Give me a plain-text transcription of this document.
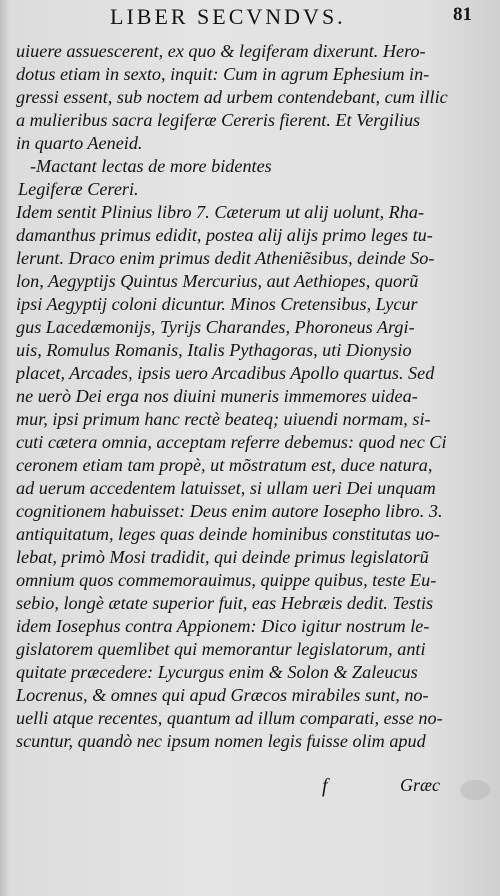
LIBER SECVNDVS.	81
uiuere assuescerent, ex quo & legiferam dixerunt. Hero-
dotus etiam in sexto, inquit: Cum in agrum Ephesium in-
gressi essent, sub noctem ad urbem contendebant, cum illic
a mulieribus sacra legiferæ Cereris fierent. Et Vergilius
in quarto Aeneid.
-Mactant lectas de more bidentes
Legiferæ Cereri.
Idem sentit Plinius libro 7. Cæterum ut alij uolunt, Rha-
damanthus primus edidit, postea alij alijs primo leges tu-
lerunt. Draco enim primus dedit Atheniẽsibus, deinde So-
lon, Aegyptijs Quintus Mercurius, aut Aethiopes, quorũ
ipsi Aegyptij coloni dicuntur. Minos Cretensibus, Lycur
gus Lacedæmonijs, Tyrijs Charandes, Phoroneus Argi-
uis, Romulus Romanis, Italis Pythagoras, uti Dionysio
placet, Arcades, ipsis uero Arcadibus Apollo quartus. Sed
ne uerò Dei erga nos diuini muneris immemores uidea-
mur, ipsi primum hanc rectè beateq; uiuendi normam, si-
cuti cætera omnia, acceptam referre debemus: quod nec Ci
ceronem etiam tam propè, ut mõstratum est, duce natura,
ad uerum accedentem latuisset, si ullam ueri Dei unquam
cognitionem habuisset: Deus enim autore Iosepho libro. 3.
antiquitatum, leges quas deinde hominibus constitutas uo-
lebat, primò Mosi tradidit, qui deinde primus legislatorũ
omnium quos commemorauimus, quippe quibus, teste Eu-
sebio, longè ætate superior fuit, eas Hebræis dedit. Testis
idem Iosephus contra Appionem: Dico igitur nostrum le-
gislatorem quemlibet qui memorantur legislatorum, anti
quitate præcedere: Lycurgus enim & Solon & Zaleucus
Locrenus, & omnes qui apud Græcos mirabiles sunt, no-
uelli atque recentes, quantum ad illum comparati, esse no-
scuntur, quandò nec ipsum nomen legis fuisse olim apud
f	Græc
